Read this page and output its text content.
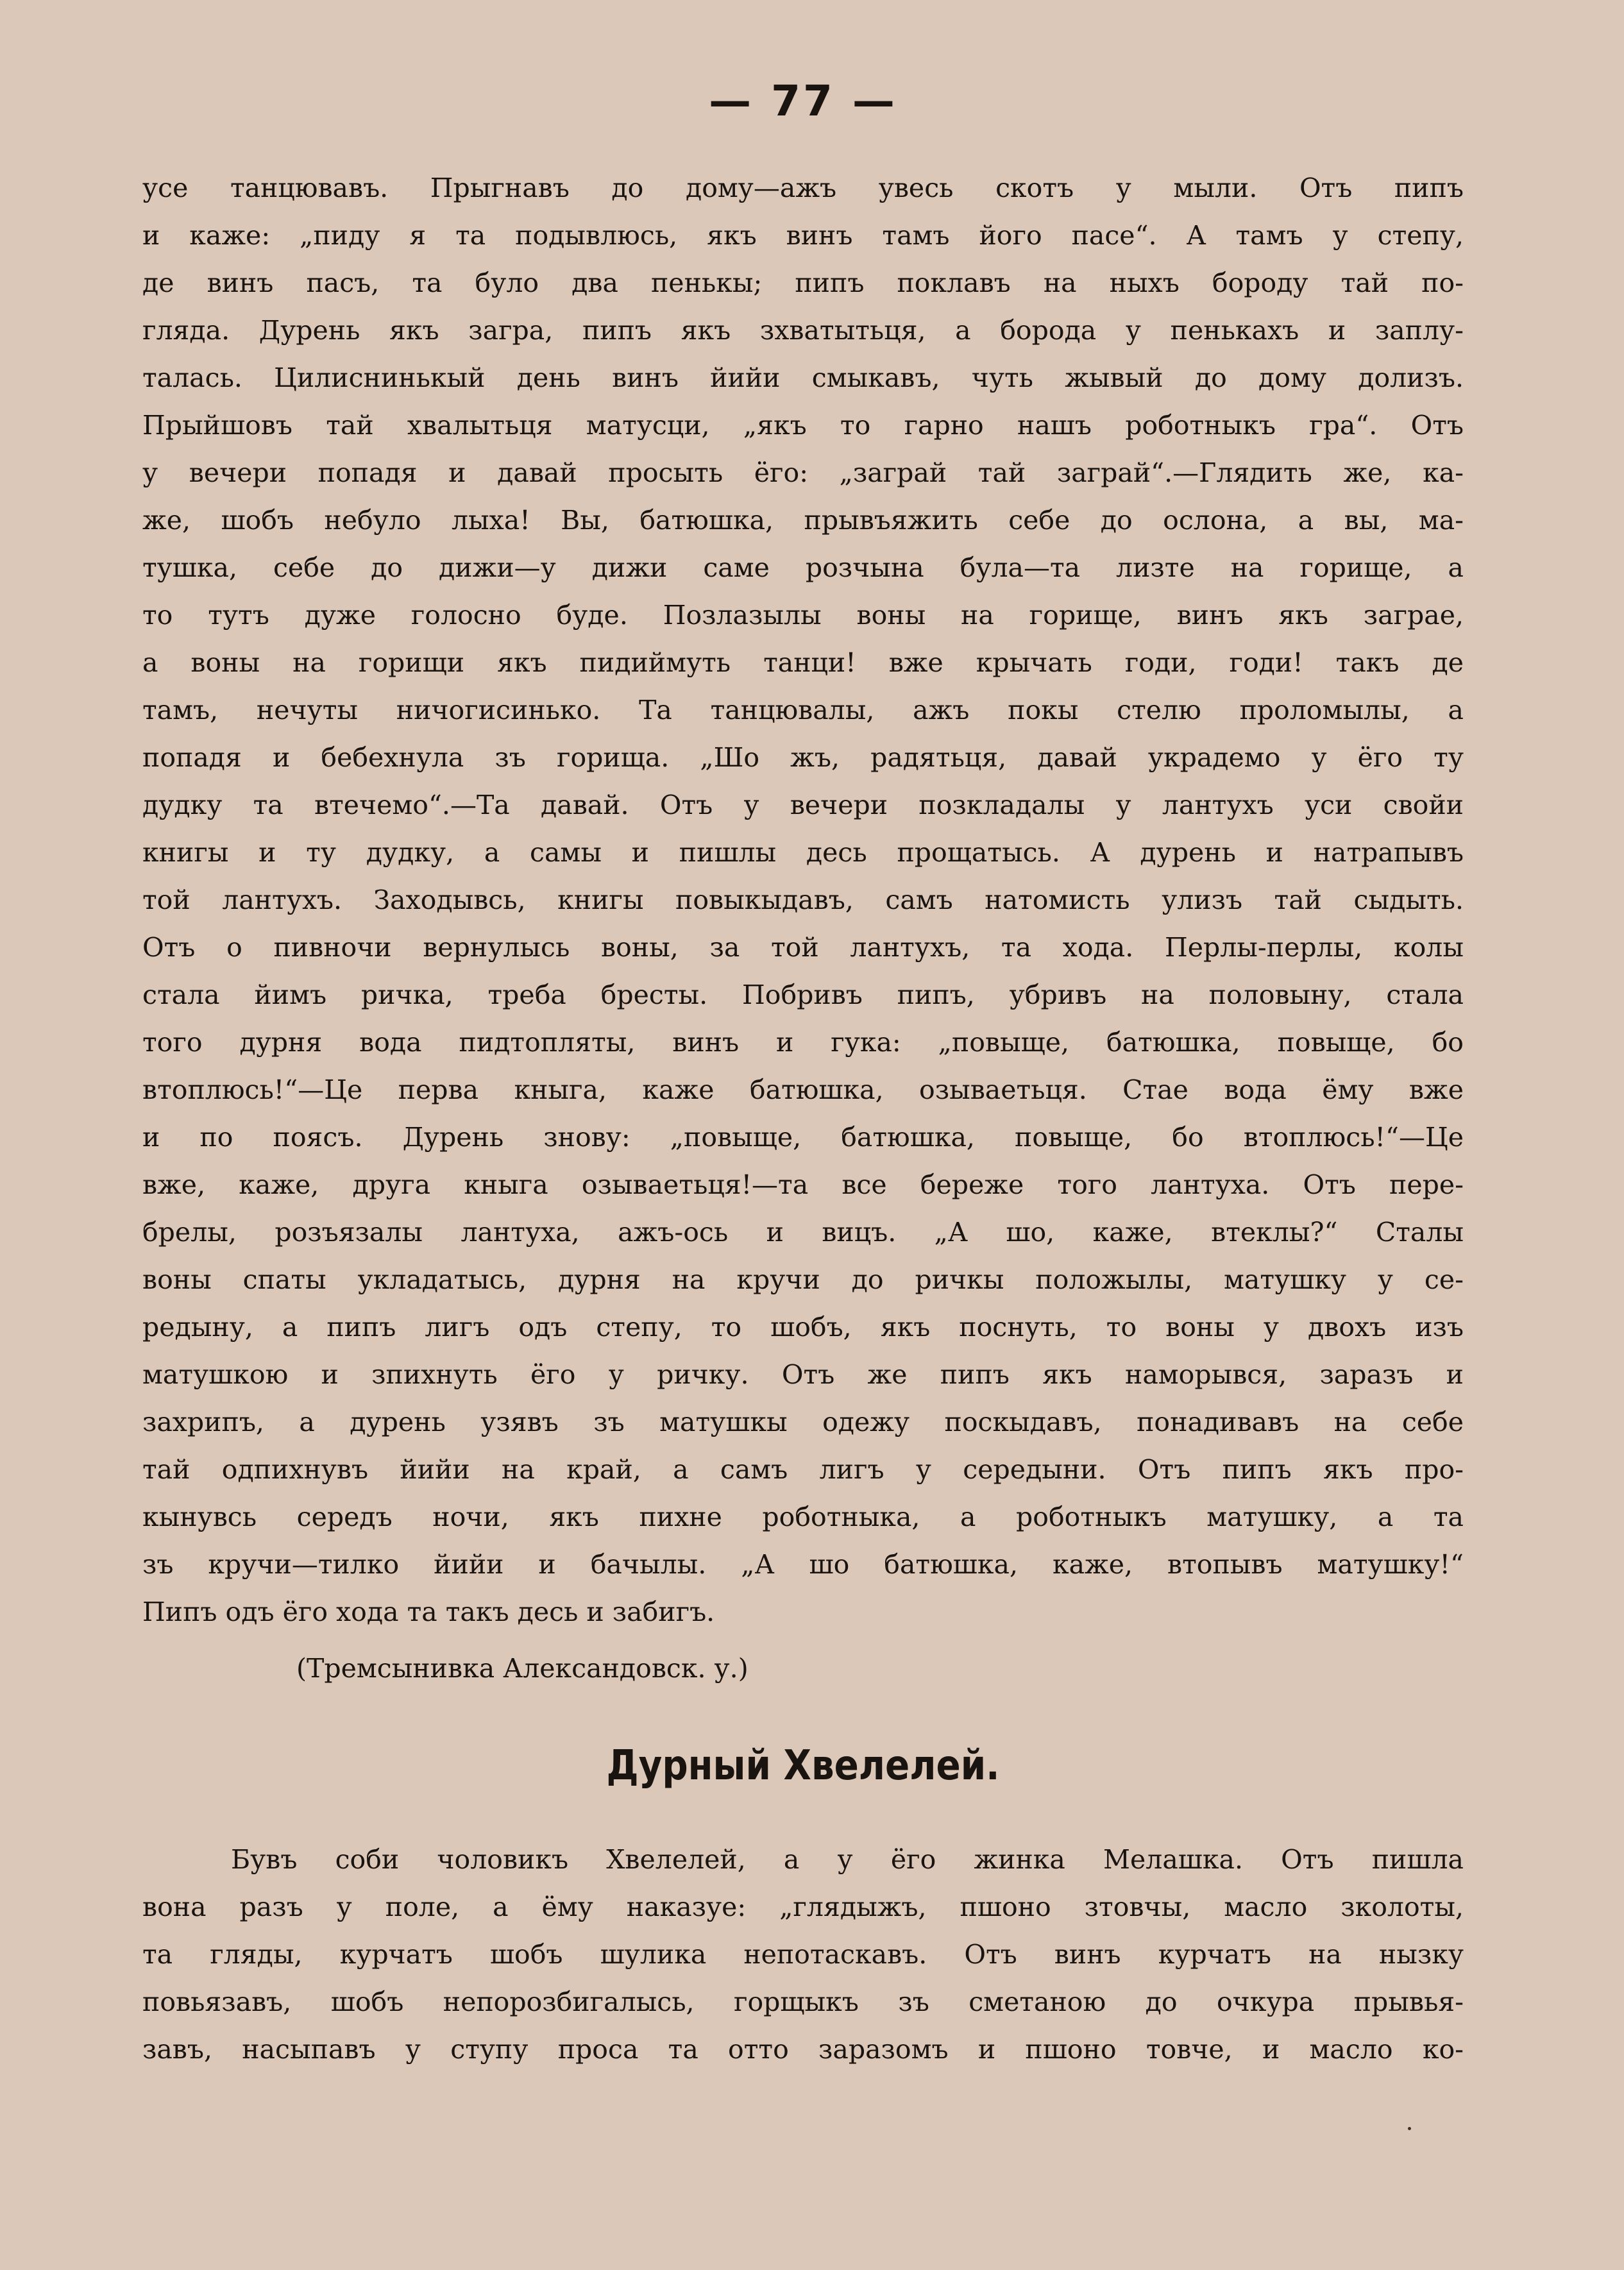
— 77 —
усе танцювавъ. Прыгнавъ до дому—ажъ увесь скотъ у мыли. Отъ пипъ
и каже: „пиду я та подывлюсь, якъ винъ тамъ його пасе“. А тамъ у степу,
де винъ пасъ, та було два пенькы; пипъ поклавъ на ныхъ бороду тай по-
гляда. Дурень якъ загра, пипъ якъ зхватытьця, а борода у пенькахъ и заплу-
талась. Цилиснинькый день винъ йийи смыкавъ, чуть жывый до дому долизъ.
Прыйшовъ тай хвалытьця матусци, „якъ то гарно нашъ роботныкъ гра“. Отъ
у вечери попадя и давай просыть ёго: „заграй тай заграй“.—Глядить же, ка-
же, шобъ небуло лыха! Вы, батюшка, прывъяжить себе до ослона, а вы, ма-
тушка, себе до дижи—у дижи саме розчына була—та лизте на горище, а
то тутъ дуже голосно буде. Позлазылы воны на горище, винъ якъ заграе,
а воны на горищи якъ пидиймуть танци! вже крычать годи, годи! такъ де
тамъ, нечуты ничогисинько. Та танцювалы, ажъ покы стелю проломылы, а
попадя и бебехнула зъ горища. „Шо жъ, радятьця, давай украдемо у ёго ту
дудку та втечемо“.—Та давай. Отъ у вечери позкладалы у лантухъ уси свойи
книгы и ту дудку, а самы и пишлы десь прощатысь. А дурень и натрапывъ
той лантухъ. Заходывсь, книгы повыкыдавъ, самъ натомисть улизъ тай сыдыть.
Отъ о пивночи вернулысь воны, за той лантухъ, та хода. Перлы-перлы, колы
стала йимъ ричка, треба бресты. Побривъ пипъ, убривъ на половыну, стала
того дурня вода пидтопляты, винъ и гука: „повыще, батюшка, повыще, бо
втоплюсь!“—Це перва кныга, каже батюшка, озываетьця. Стае вода ёму вже
и по поясъ. Дурень знову: „повыще, батюшка, повыще, бо втоплюсь!“—Це
вже, каже, друга кныга озываетьця!—та все береже того лантуха. Отъ пере-
брелы, розъязалы лантуха, ажъ-ось и вицъ. „А шо, каже, втеклы?“ Сталы
воны спаты укладатысь, дурня на кручи до ричкы положылы, матушку у се-
редыну, а пипъ лигъ одъ степу, то шобъ, якъ поснуть, то воны у двохъ изъ
матушкою и зпихнуть ёго у ричку. Отъ же пипъ якъ наморывся, заразъ и
захрипъ, а дурень узявъ зъ матушкы одежу поскыдавъ, понадивавъ на себе
тай одпихнувъ йийи на край, а самъ лигъ у середыни. Отъ пипъ якъ про-
кынувсь середъ ночи, якъ пихне роботныка, а роботныкъ матушку, а та
зъ кручи—тилко йийи и бачылы. „А шо батюшка, каже, втопывъ матушку!“
Пипъ одъ ёго хода та такъ десь и забигъ.
(Тремсынивка Александовск. у.)
Дурный Хвелелей.
Бувъ соби чоловикъ Хвелелей, а у ёго жинка Мелашка. Отъ пишла
вона разъ у поле, а ёму наказуе: „глядыжъ, пшоно зтовчы, масло зколоты,
та гляды, курчатъ шобъ шулика непотаскавъ. Отъ винъ курчатъ на нызку
повьязавъ, шобъ непорозбигалысь, горщыкъ зъ сметаною до очкура прывья-
завъ, насыпавъ у ступу проса та отто заразомъ и пшоно товче, и масло ко-
